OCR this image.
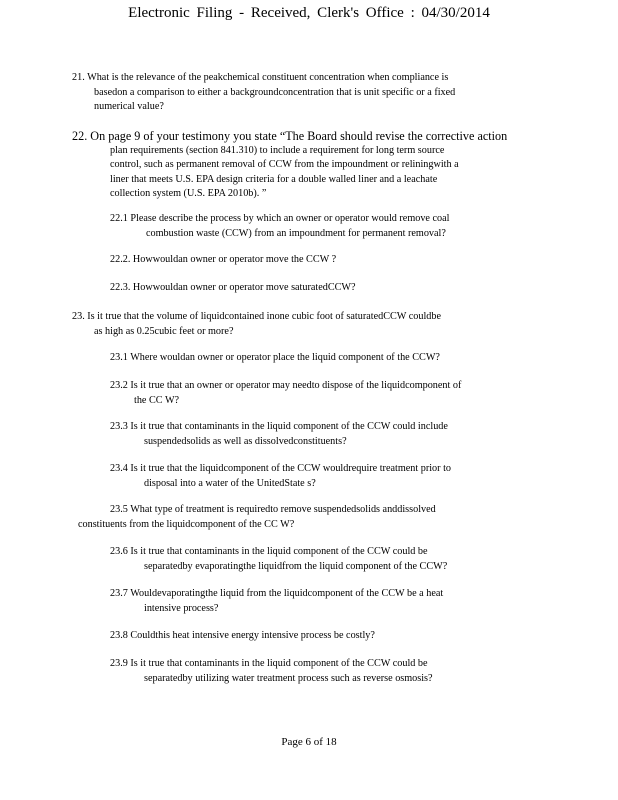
Electronic Filing - Received, Clerk's Office : 04/30/2014
21. What is the relevance of the peakchemical constituent concentration when compliance is
basedon a comparison to either a backgroundconcentration that is unit specific or a fixed
numerical value?
22. On page 9 of your testimony you state “The Board should revise the corrective action
plan requirements (section 841.310) to include a requirement for long term source
control, such as permanent removal of CCW from the impoundment or reliningwith a
liner that meets U.S. EPA design criteria for a double walled liner and a leachate
collection system (U.S. EPA 2010b). ”
22.1 Please describe the process by which an owner or operator would remove coal
combustion waste (CCW) from an impoundment for permanent removal?
22.2. Howwouldan owner or operator move the CCW ?
22.3. Howwouldan owner or operator move saturatedCCW?
23. Is it true that the volume of liquidcontained inone cubic foot of saturatedCCW couldbe
as high as 0.25cubic feet or more?
23.1 Where wouldan owner or operator place the liquid component of the CCW?
23.2 Is it true that an owner or operator may needto dispose of the liquidcomponent of
the CC W?
23.3 Is it true that contaminants in the liquid component of the CCW could include
suspendedsolids as well as dissolvedconstituents?
23.4 Is it true that the liquidcomponent of the CCW wouldrequire treatment prior to
disposal into a water of the UnitedState s?
23.5 What type of treatment is requiredto remove suspendedsolids anddissolved
constituents from the liquidcomponent of the CC W?
23.6 Is it true that contaminants in the liquid component of the CCW could be
separatedby evaporatingthe liquidfrom the liquid component of the CCW?
23.7 Wouldevaporatingthe liquid from the liquidcomponent of the CCW be a heat
intensive process?
23.8 Couldthis heat intensive energy intensive process be costly?
23.9 Is it true that contaminants in the liquid component of the CCW could be
separatedby utilizing water treatment process such as reverse osmosis?
Page 6 of 18
